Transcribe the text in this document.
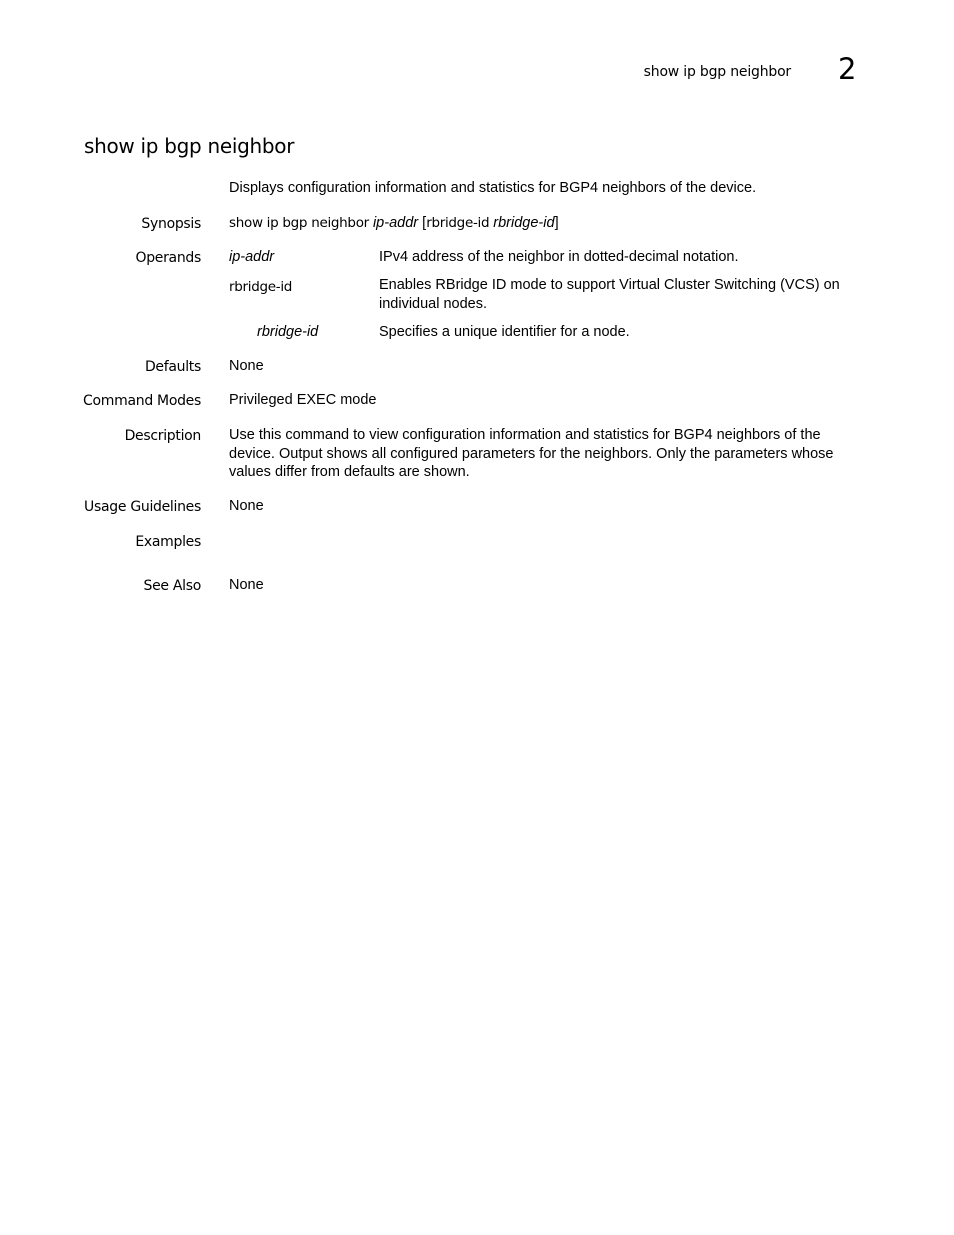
show ip bgp neighbor 2
show ip bgp neighbor
Displays configuration information and statistics for BGP4 neighbors of the device.
Synopsis show ip bgp neighbor ip-addr [ rbridge-id rbridge-id ]
Operands ip-addr	IPv4 address of the neighbor in dotted-decimal notation.
rbridge-id	Enables RBridge ID mode to support Virtual Cluster Switching (VCS) on individual nodes.
rbridge-id	Specifies a unique identifier for a node.
Defaults None
Command Modes Privileged EXEC mode
Description Use this command to view configuration information and statistics for BGP4 neighbors of the device. Output shows all configured parameters for the neighbors. Only the parameters whose values differ from defaults are shown.
Usage Guidelines None
Examples
See Also None
